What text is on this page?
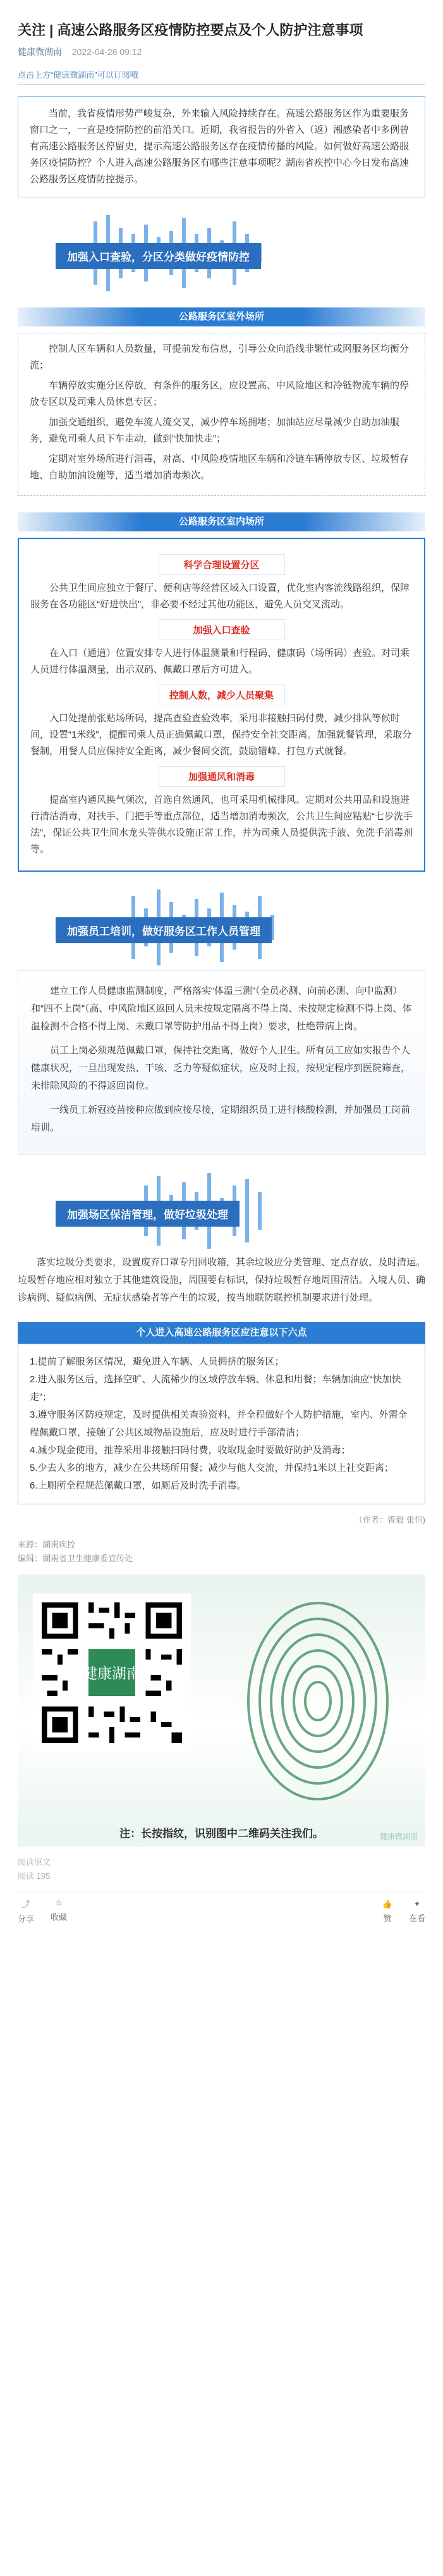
关注 | 高速公路服务区疫情防控要点及个人防护注意事项
健康微湖南 2022-04-26 09:12
点击上方“健康微湖南”可以订阅哦
当前，我省疫情形势严峻复杂，外来输入风险持续存在。高速公路服务区作为重要服务窗口之一，一直是疫情防控的前沿关口。近期，我省报告的外省入（返）湘感染者中多例曾有高速公路服务区停留史，提示高速公路服务区存在疫情传播的风险。如何做好高速公路服务区疫情防控？个人进入高速公路服务区有哪些注意事项呢？湖南省疾控中心今日发布高速公路服务区疫情防控提示。
加强入口查验，分区分类做好疫情防控
公路服务区室外场所

控制人区车辆和人员数量，可提前发布信息，引导公众向沿线非繁忙或网服务区均衡分流；

车辆停放实施分区停放，有条件的服务区，应设置高、中风险地区和冷链物流车辆的停放专区以及司乘人员休息专区；

加强交通组织，避免车流人流交叉，减少停车场拥堵；加油站应尽量减少自助加油服务，避免司乘人员下车走动，做到“快加快走”；

定期对室外场所进行消毒，对高、中风险疫情地区车辆和冷链车辆停放专区、垃圾暂存地、自助加油设施等，适当增加消毒频次。

公路服务区室内场所
科学合理设置分区

公共卫生间应独立于餐厅、便利店等经营区域入口设置，优化室内客流线路组织，保障服务在各功能区“好进快出”，非必要不经过其他功能区，避免人员交叉流动。

加强入口查验

在入口（通道）位置安排专人进行体温测量和行程码、健康码（场所码）查验。对司乘人员进行体温测量，出示双码、佩戴口罩后方可进入。

控制人数，减少人员聚集

入口处提前张贴场所码，提高查验查验效率，采用非接触扫码付费，减少排队等候时间，设置“1米线”，提醒司乘人员正确佩戴口罩，保持安全社交距离。加强就餐管理，采取分餐制，用餐人员应保持安全距离，减少餐间交流，鼓励错峰、打包方式就餐。

加强通风和消毒

提高室内通风换气频次，首选自然通风，也可采用机械排风。定期对公共用品和设施进行清洁消毒，对扶手、门把手等重点部位，适当增加消毒频次，公共卫生间应粘贴“七步洗手法”，保证公共卫生间水龙头等供水设施正常工作，并为司乘人员提供洗手液、免洗手消毒剂等。

加强员工培训，做好服务区工作人员管理

建立工作人员健康监测制度，严格落实“体温三测”（全员必测、向前必测、向中监测）和“四不上岗”（高、中风险地区返回人员未按规定隔离不得上岗、未按规定检测不得上岗、体温检测不合格不得上岗、未戴口罩等防护用品不得上岗）要求，杜绝带病上岗。

员工上岗必须规范佩戴口罩，保持社交距离，做好个人卫生。所有员工应如实报告个人健康状况，一旦出现发热、干咳、乏力等疑似症状，应及时上报，按规定程序到医院筛查，未排除风险的不得返回岗位。

一线员工新冠疫苗接种应做到应接尽接，定期组织员工进行核酸检测，并加强员工岗前培训。

加强场区保洁管理，做好垃圾处理

落实垃圾分类要求，设置废弃口罩专用回收箱，其余垃圾应分类管理、定点存放、及时清运。垃圾暂存地应相对独立于其他建筑设施，周围要有标识，保持垃圾暂存地周围清洁。入境人员、确诊病例、疑似病例、无症状感染者等产生的垃圾，按当地联防联控机制要求进行处理。

个人进入高速公路服务区应注意以下六点
1.提前了解服务区情况，避免进入车辆、人员拥挤的服务区；
2.进入服务区后，选择空旷、人流稀少的区域停放车辆、休息和用餐；车辆加油应“快加快走”；
3.遵守服务区防疫规定，及时提供相关查验资料，并全程做好个人防护措施，室内、外需全程佩戴口罩，接触了公共区域物品设施后，应及时进行手部清洁；
4.减少现金使用，推荐采用非接触扫码付费，收取现金时要做好防护及消毒；
5.少去人多的地方，减少在公共场所用餐；减少与他人交流，并保持1米以上社交距离；
6.上厕所全程规范佩戴口罩，如厕后及时洗手消毒。
（作者：曾毅 张恒)
来源：湖南疾控
编辑：湖南省卫生健康委宣传处
健康湖南
注：长按指纹，识别图中二维码关注我们。	健康微湖南
阅读原文
阅读 195
⤴
分享
☆
收藏
👍
赞
✦
在看
